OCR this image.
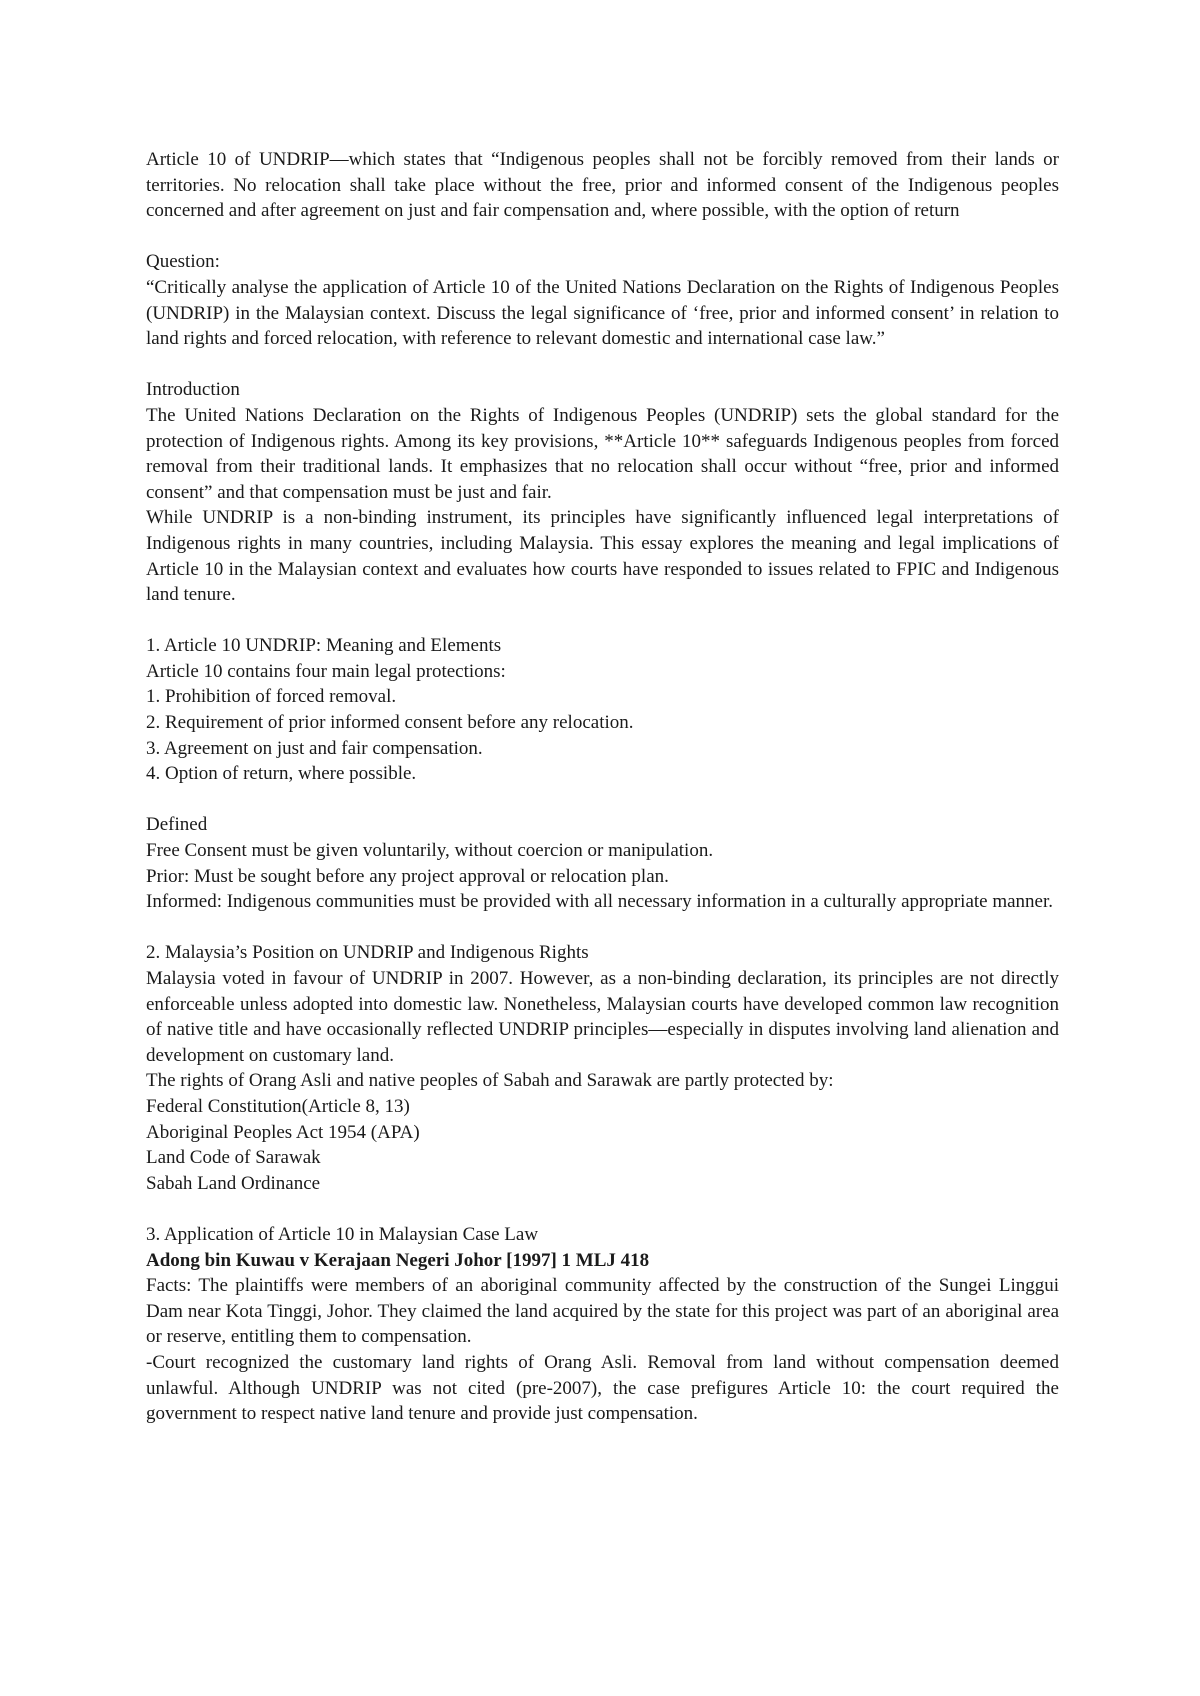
Article 10 of UNDRIP—which states that “Indigenous peoples shall not be forcibly removed from their lands or territories. No relocation shall take place without the free, prior and informed consent of the Indigenous peoples concerned and after agreement on just and fair compensation and, where possible, with the option of return

Question:

“Critically analyse the application of Article 10 of the United Nations Declaration on the Rights of Indigenous Peoples (UNDRIP) in the Malaysian context. Discuss the legal significance of ‘free, prior and informed consent’ in relation to land rights and forced relocation, with reference to relevant domestic and international case law.”

Introduction

The United Nations Declaration on the Rights of Indigenous Peoples (UNDRIP) sets the global standard for the protection of Indigenous rights. Among its key provisions, **Article 10** safeguards Indigenous peoples from forced removal from their traditional lands. It emphasizes that no relocation shall occur without “free, prior and informed consent” and that compensation must be just and fair.

While UNDRIP is a non-binding instrument, its principles have significantly influenced legal interpretations of Indigenous rights in many countries, including Malaysia. This essay explores the meaning and legal implications of Article 10 in the Malaysian context and evaluates how courts have responded to issues related to FPIC and Indigenous land tenure.

1. Article 10 UNDRIP: Meaning and Elements

Article 10 contains four main legal protections:

1. Prohibition of forced removal.
2. Requirement of prior informed consent before any relocation.
3. Agreement on just and fair compensation.
4. Option of return, where possible.

Defined

Free Consent must be given voluntarily, without coercion or manipulation.

Prior: Must be sought before any project approval or relocation plan.

Informed: Indigenous communities must be provided with all necessary information in a culturally appropriate manner.

2. Malaysia’s Position on UNDRIP and Indigenous Rights

Malaysia voted in favour of UNDRIP in 2007. However, as a non-binding declaration, its principles are not directly enforceable unless adopted into domestic law. Nonetheless, Malaysian courts have developed common law recognition of native title and have occasionally reflected UNDRIP principles—especially in disputes involving land alienation and development on customary land.

The rights of Orang Asli and native peoples of Sabah and Sarawak are partly protected by:

Federal Constitution(Article 8, 13)
Aboriginal Peoples Act 1954 (APA)
Land Code of Sarawak
Sabah Land Ordinance

3. Application of Article 10 in Malaysian Case Law

Adong bin Kuwau v Kerajaan Negeri Johor [1997] 1 MLJ 418

Facts: The plaintiffs were members of an aboriginal community affected by the construction of the Sungei Linggui Dam near Kota Tinggi, Johor. They claimed the land acquired by the state for this project was part of an aboriginal area or reserve, entitling them to compensation.

-Court recognized the customary land rights of Orang Asli. Removal from land without compensation deemed unlawful. Although UNDRIP was not cited (pre-2007), the case prefigures Article 10: the court required the government to respect native land tenure and provide just compensation.
